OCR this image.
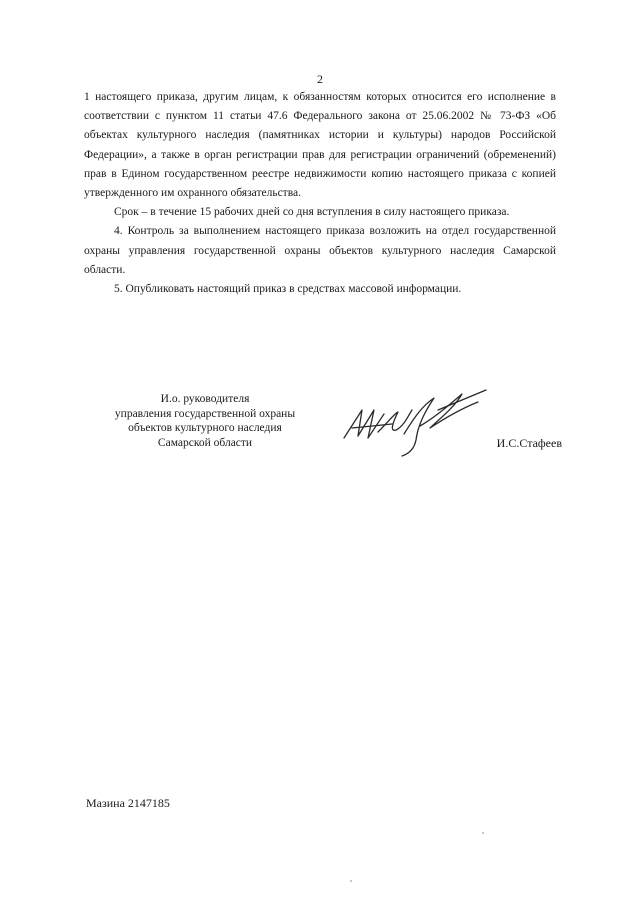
2

1 настоящего приказа, другим лицам, к обязанностям которых относится его исполнение в соответствии с пунктом 11 статьи 47.6 Федерального закона от 25.06.2002 № 73-ФЗ «Об объектах культурного наследия (памятниках истории и культуры) народов Российской Федерации», а также в орган регистрации прав для регистрации ограничений (обременений) прав в Едином государственном реестре недвижимости копию настоящего приказа с копией утвержденного им охранного обязательства.

Срок – в течение 15 рабочих дней со дня вступления в силу настоящего приказа.

4. Контроль за выполнением настоящего приказа возложить на отдел государственной охраны управления государственной охраны объектов культурного наследия Самарской области.

5. Опубликовать настоящий приказ в средствах массовой информации.

И.о. руководителя
управления государственной охраны
объектов культурного наследия
Самарской области	И.С.Стафеев
Мазина 2147185
